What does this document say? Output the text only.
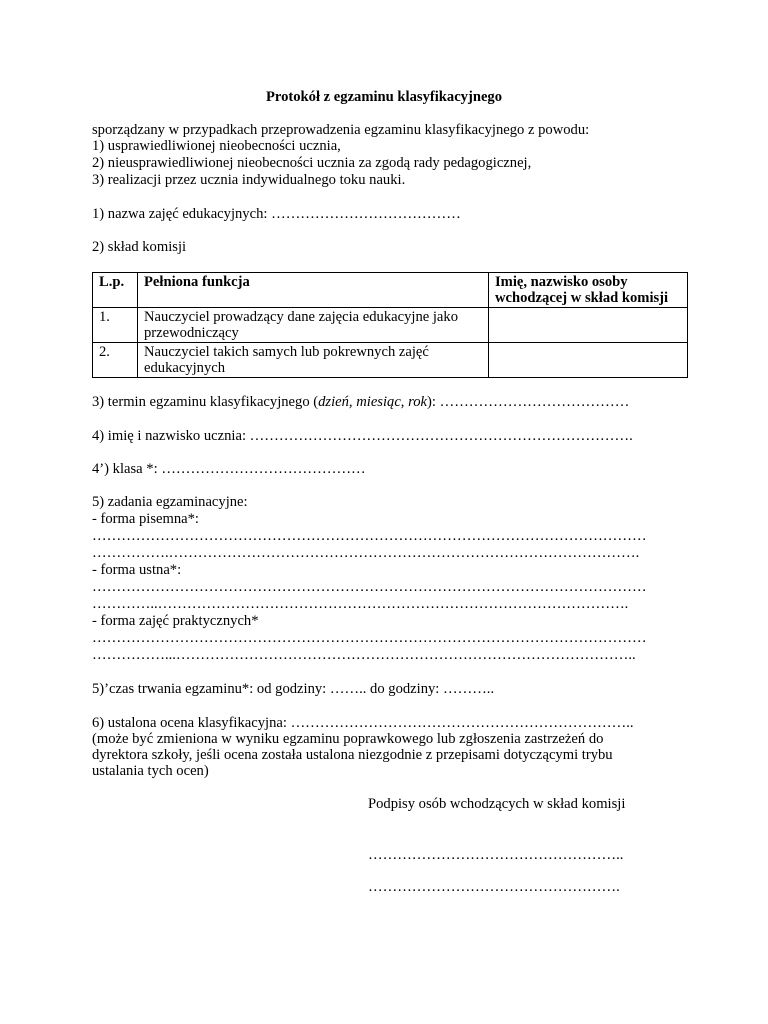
Protokół z egzaminu klasyfikacyjnego
sporządzany w przypadkach przeprowadzenia egzaminu klasyfikacyjnego z powodu:
1) usprawiedliwionej nieobecności ucznia,
2) nieusprawiedliwionej nieobecności ucznia za zgodą rady pedagogicznej,
3) realizacji przez ucznia indywidualnego toku nauki.
1) nazwa zajęć edukacyjnych: …………………………………
2) skład komisji
L.p.	Pełniona funkcja	Imię, nazwisko osoby wchodzącej w skład komisji
1.	Nauczyciel prowadzący dane zajęcia edukacyjne jako przewodniczący	
2.	Nauczyciel takich samych lub pokrewnych zajęć edukacyjnych	
3) termin egzaminu klasyfikacyjnego (dzień, miesiąc, rok): …………………………………
4) imię i nazwisko ucznia: …………………………………………………………………….
4’) klasa *: ……………………………………
5) zadania egzaminacyjne:
- forma pisemna*:
……………………………………………………………………………………………………
…………….…………………………………………………………………………………….
- forma ustna*:
……………………………………………………………………………………………………
…………..…………………………………………………………………………………….
- forma zajęć praktycznych*
……………………………………………………………………………………………………
……………...…………………………………………………………………………………..
5)’czas trwania egzaminu*: od godziny: …….. do godziny: ………..
6) ustalona ocena klasyfikacyjna: ……………………………………………………………..
(może być zmieniona w wyniku egzaminu poprawkowego lub zgłoszenia zastrzeżeń do
dyrektora szkoły, jeśli ocena została ustalona niezgodnie z przepisami dotyczącymi trybu
ustalania tych ocen)
Podpisy osób wchodzących w skład komisji
……………………………………………..
…………………………………………….
